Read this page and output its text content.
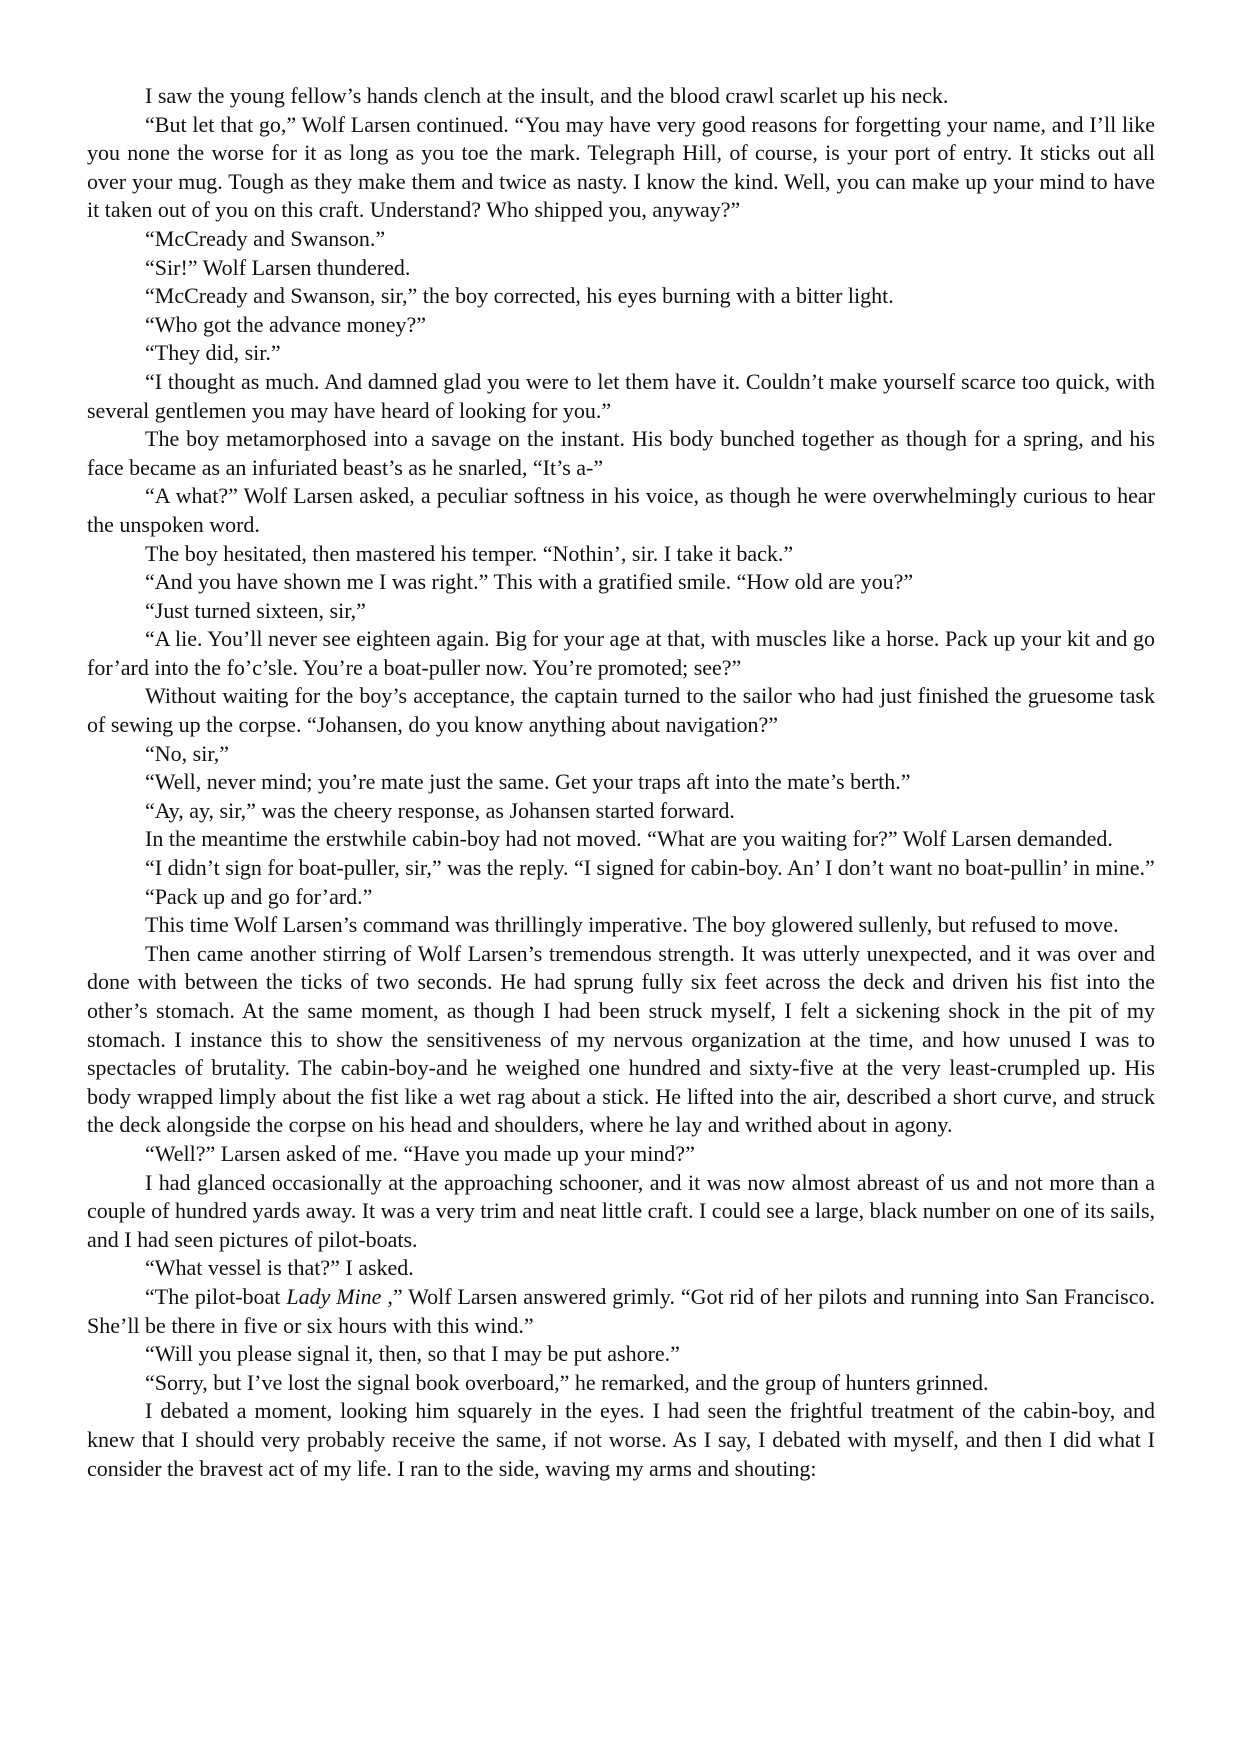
I saw the young fellow’s hands clench at the insult, and the blood crawl scarlet up his neck.

“But let that go,” Wolf Larsen continued. “You may have very good reasons for forgetting your name, and I’ll like you none the worse for it as long as you toe the mark. Telegraph Hill, of course, is your port of entry. It sticks out all over your mug. Tough as they make them and twice as nasty. I know the kind. Well, you can make up your mind to have it taken out of you on this craft. Understand? Who shipped you, anyway?”

“McCready and Swanson.”

“Sir!” Wolf Larsen thundered.

“McCready and Swanson, sir,” the boy corrected, his eyes burning with a bitter light.

“Who got the advance money?”

“They did, sir.”

“I thought as much. And damned glad you were to let them have it. Couldn’t make yourself scarce too quick, with several gentlemen you may have heard of looking for you.”

The boy metamorphosed into a savage on the instant. His body bunched together as though for a spring, and his face became as an infuriated beast’s as he snarled, “It’s a-”

“A what?” Wolf Larsen asked, a peculiar softness in his voice, as though he were overwhelmingly curious to hear the unspoken word.

The boy hesitated, then mastered his temper. “Nothin’, sir. I take it back.”

“And you have shown me I was right.” This with a gratified smile. “How old are you?”

“Just turned sixteen, sir,”

“A lie. You’ll never see eighteen again. Big for your age at that, with muscles like a horse. Pack up your kit and go for’ard into the fo’c’sle. You’re a boat-puller now. You’re promoted; see?”

Without waiting for the boy’s acceptance, the captain turned to the sailor who had just finished the gruesome task of sewing up the corpse. “Johansen, do you know anything about navigation?”

“No, sir,”

“Well, never mind; you’re mate just the same. Get your traps aft into the mate’s berth.”

“Ay, ay, sir,” was the cheery response, as Johansen started forward.

In the meantime the erstwhile cabin-boy had not moved. “What are you waiting for?” Wolf Larsen demanded.

“I didn’t sign for boat-puller, sir,” was the reply. “I signed for cabin-boy. An’ I don’t want no boat-pullin’ in mine.”

“Pack up and go for’ard.”

This time Wolf Larsen’s command was thrillingly imperative. The boy glowered sullenly, but refused to move.

Then came another stirring of Wolf Larsen’s tremendous strength. It was utterly unexpected, and it was over and done with between the ticks of two seconds. He had sprung fully six feet across the deck and driven his fist into the other’s stomach. At the same moment, as though I had been struck myself, I felt a sickening shock in the pit of my stomach. I instance this to show the sensitiveness of my nervous organization at the time, and how unused I was to spectacles of brutality. The cabin-boy-and he weighed one hundred and sixty-five at the very least-crumpled up. His body wrapped limply about the fist like a wet rag about a stick. He lifted into the air, described a short curve, and struck the deck alongside the corpse on his head and shoulders, where he lay and writhed about in agony.

“Well?” Larsen asked of me. “Have you made up your mind?”

I had glanced occasionally at the approaching schooner, and it was now almost abreast of us and not more than a couple of hundred yards away. It was a very trim and neat little craft. I could see a large, black number on one of its sails, and I had seen pictures of pilot-boats.

“What vessel is that?” I asked.

“The pilot-boat Lady Mine ,” Wolf Larsen answered grimly. “Got rid of her pilots and running into San Francisco. She’ll be there in five or six hours with this wind.”

“Will you please signal it, then, so that I may be put ashore.”

“Sorry, but I’ve lost the signal book overboard,” he remarked, and the group of hunters grinned.

I debated a moment, looking him squarely in the eyes. I had seen the frightful treatment of the cabin-boy, and knew that I should very probably receive the same, if not worse. As I say, I debated with myself, and then I did what I consider the bravest act of my life. I ran to the side, waving my arms and shouting:
